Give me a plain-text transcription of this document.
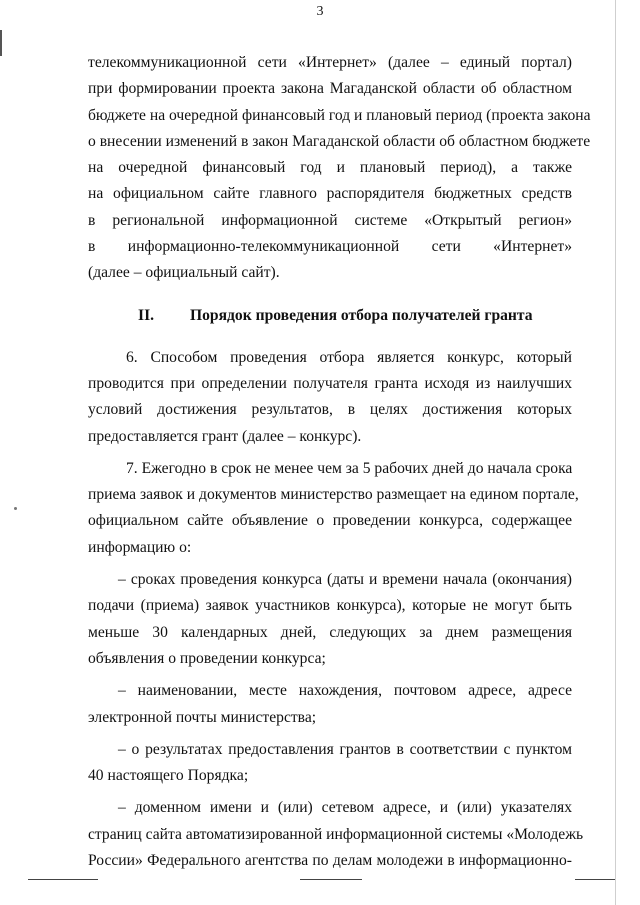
3
телекоммуникационной сети «Интернет» (далее – единый портал)
при формировании проекта закона Магаданской области об областном
бюджете на очередной финансовый год и плановый период (проекта закона
о внесении изменений в закон Магаданской области об областном бюджете
на очередной финансовый год и плановый период), а также
на официальном сайте главного распорядителя бюджетных средств
в региональной информационной системе «Открытый регион»
в информационно-телекоммуникационной сети «Интернет»
(далее – официальный сайт).
II.	Порядок проведения отбора получателей гранта
6. Способом проведения отбора является конкурс, который
проводится при определении получателя гранта исходя из наилучших
условий достижения результатов, в целях достижения которых
предоставляется грант (далее – конкурс).
7. Ежегодно в срок не менее чем за 5 рабочих дней до начала срока
приема заявок и документов министерство размещает на едином портале,
официальном сайте объявление о проведении конкурса, содержащее
информацию о:
– сроках проведения конкурса (даты и времени начала (окончания)
подачи (приема) заявок участников конкурса), которые не могут быть
меньше 30 календарных дней, следующих за днем размещения
объявления о проведении конкурса;
– наименовании, месте нахождения, почтовом адресе, адресе
электронной почты министерства;
– о результатах предоставления грантов в соответствии с пунктом
40 настоящего Порядка;
– доменном имени и (или) сетевом адресе, и (или) указателях
страниц сайта автоматизированной информационной системы «Молодежь
России» Федерального агентства по делам молодежи в информационно-
